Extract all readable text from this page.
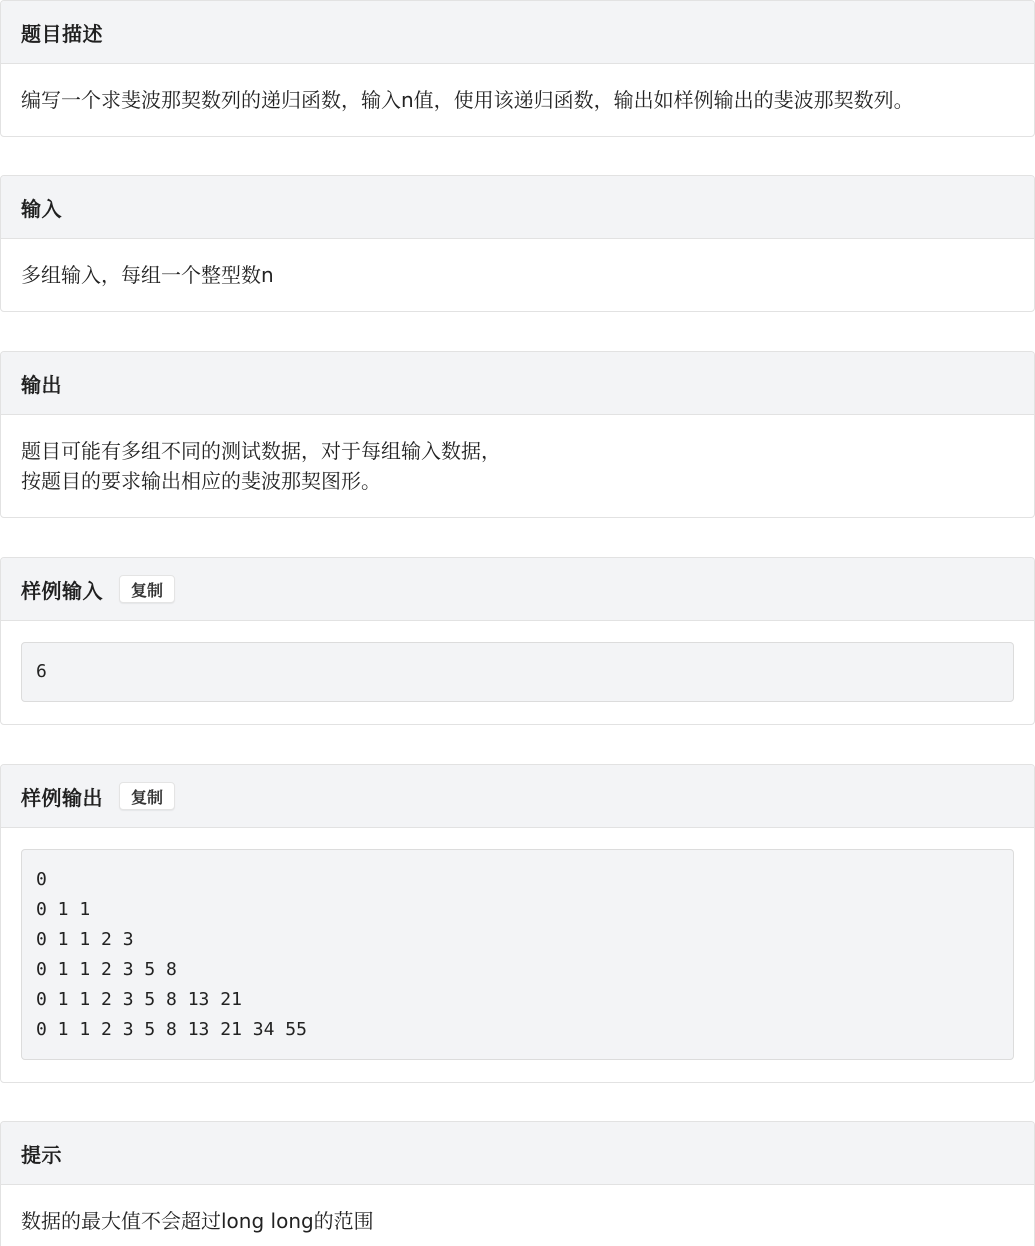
题目描述
编写一个求斐波那契数列的递归函数，输入n值，使用该递归函数，输出如样例输出的斐波那契数列。
输入
多组输入，每组一个整型数n
输出
题目可能有多组不同的测试数据，对于每组输入数据，
按题目的要求输出相应的斐波那契图形。
样例输入	复制
6
样例输出	复制
0
0 1 1
0 1 1 2 3
0 1 1 2 3 5 8
0 1 1 2 3 5 8 13 21
0 1 1 2 3 5 8 13 21 34 55
提示
数据的最大值不会超过long long的范围
